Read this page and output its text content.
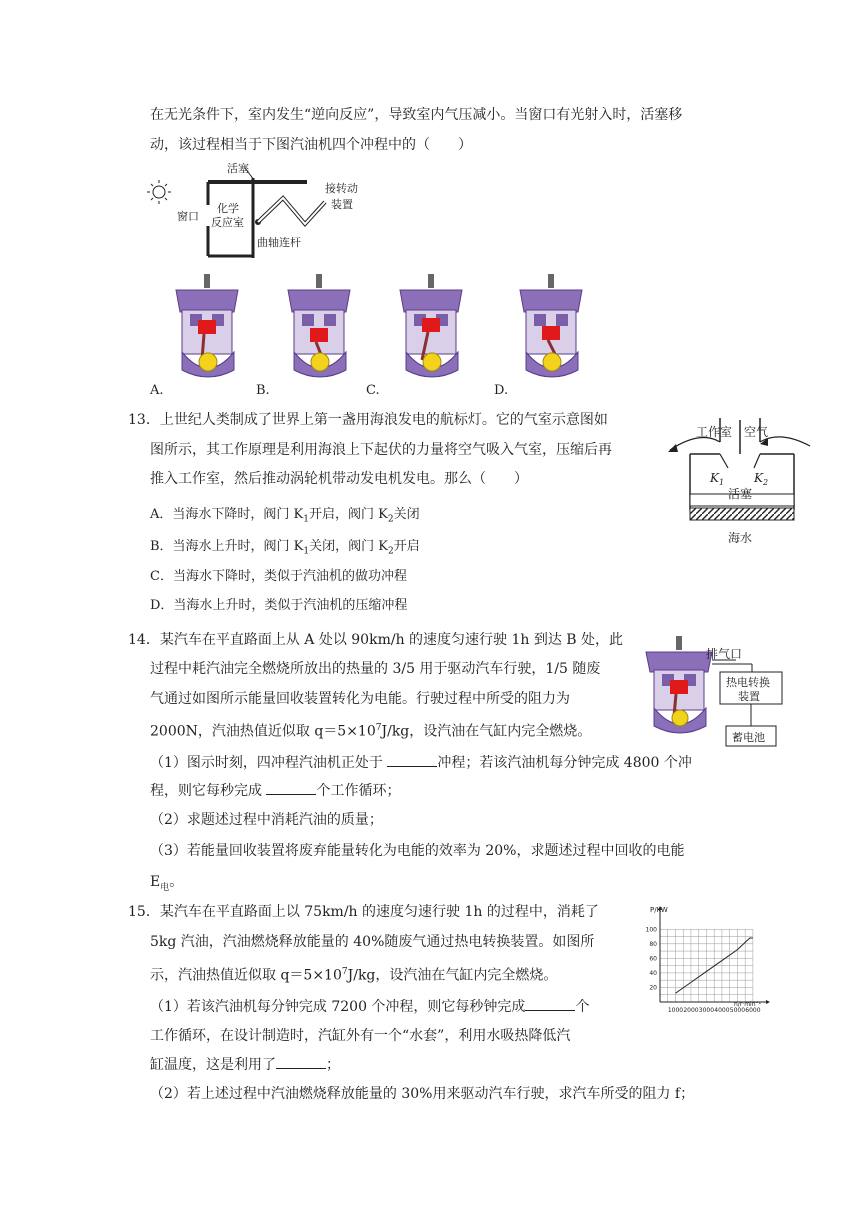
在无光条件下，室内发生“逆向反应”，导致室内气压减小。当窗口有光射入时，活塞移
动，该过程相当于下图汽油机四个冲程中的（　　）
活塞
窗口
化学
反应室
曲轴连杆
接转动
装置
A.	B.	C.	D.
13．上世纪人类制成了世界上第一盏用海浪发电的航标灯。它的气室示意图如
图所示，其工作原理是利用海浪上下起伏的力量将空气吸入气室，压缩后再
推入工作室，然后推动涡轮机带动发电机发电。那么（　　）
A．当海水下降时，阀门 $K_1$开启，阀门 $K_2$关闭
B．当海水上升时，阀门 $K_1$关闭，阀门 $K_2$开启
C．当海水下降时，类似于汽油机的做功冲程
D．当海水上升时，类似于汽油机的压缩冲程
工作室 空气
$K_1$ $K_2$
活塞
海水
14．某汽车在平直路面上从 A 处以 90km/h 的速度匀速行驶 1h 到达 B 处，此
过程中耗汽油完全燃烧所放出的热量的 3/5 用于驱动汽车行驶，1/5 随废
气通过如图所示能量回收装置转化为电能。行驶过程中所受的阻力为
2000N，汽油热值近似取 $q=5\times 10^7J/kg$，设汽油在气缸内完全燃烧。
（1）图示时刻，四冲程汽油机正处于	冲程；若该汽油机每分钟完成 4800 个冲
程，则它每秒完成	个工作循环；
（2）求题述过程中消耗汽油的质量；
（3）若能量回收装置将废弃能量转化为电能的效率为 20%，求题述过程中回收的电能
$E_电$。
排气口
热电转换
装置
蓄电池
15．某汽车在平直路面上以 75km/h 的速度匀速行驶 1h 的过程中，消耗了
5kg 汽油，汽油燃烧释放能量的 40%随废气通过热电转换装置。如图所
示，汽油热值近似取 $q=5\times 10^7J/kg$，设汽油在气缸内完全燃烧。
（1）若该汽油机每分钟完成 7200 个冲程，则它每秒钟完成	个
工作循环，在设计制造时，汽缸外有一个“水套”，利用水吸热降低汽
缸温度，这是利用了	；
（2）若上述过程中汽油燃烧释放能量的 30%用来驱动汽车行驶，求汽车所受的阻力 f；
1000 2000 3000 4000 5000 6000
20
40
60
80
100
P/KW
n/r·min⁻¹
